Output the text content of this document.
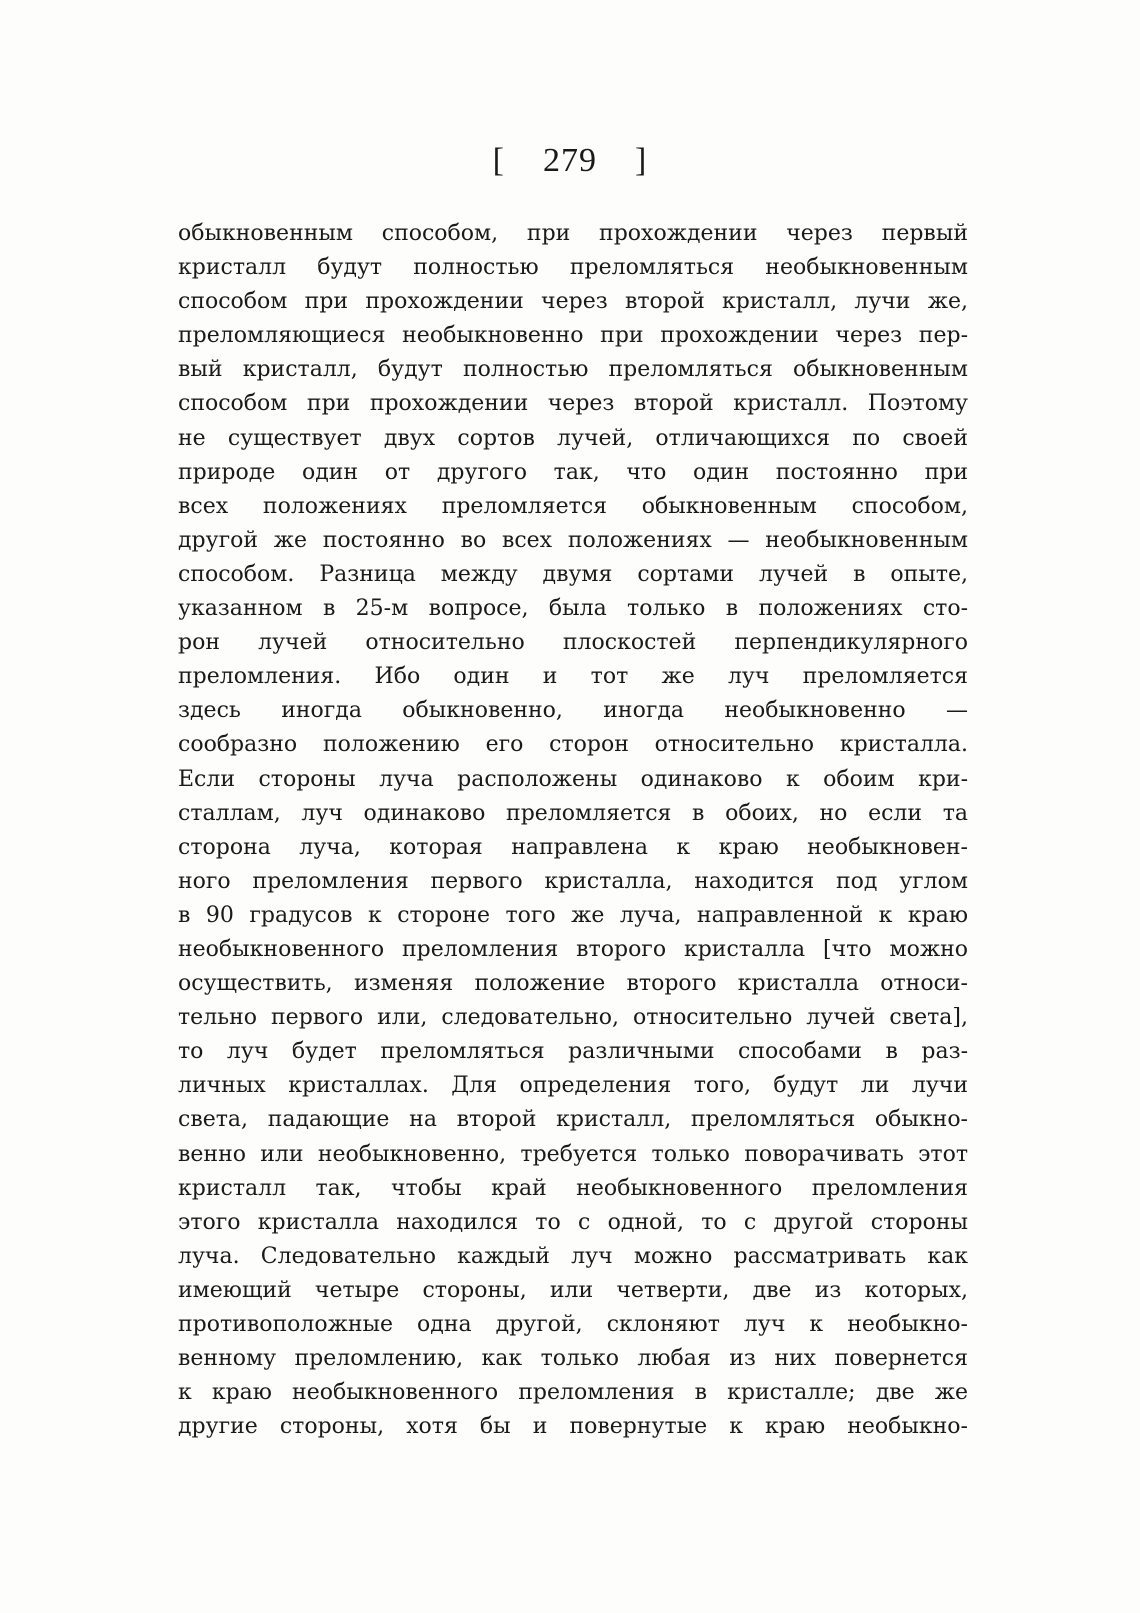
[ 279 ]
обыкновенным способом, при прохождении через первый
кристалл будут полностью преломляться необыкновенным
способом при прохождении через второй кристалл, лучи же,
преломляющиеся необыкновенно при прохождении через пер-
вый кристалл, будут полностью преломляться обыкновенным
способом при прохождении через второй кристалл. Поэтому
не существует двух сортов лучей, отличающихся по своей
природе один от другого так, что один постоянно при
всех положениях преломляется обыкновенным способом,
другой же постоянно во всех положениях — необыкновенным
способом. Разница между двумя сортами лучей в опыте,
указанном в 25-м вопросе, была только в положениях сто-
рон лучей относительно плоскостей перпендикулярного
преломления. Ибо один и тот же луч преломляется
здесь иногда обыкновенно, иногда необыкновенно —
сообразно положению его сторон относительно кристалла.
Если стороны луча расположены одинаково к обоим кри-
сталлам, луч одинаково преломляется в обоих, но если та
сторона луча, которая направлена к краю необыкновен-
ного преломления первого кристалла, находится под углом
в 90 градусов к стороне того же луча, направленной к краю
необыкновенного преломления второго кристалла [что можно
осуществить, изменяя положение второго кристалла относи-
тельно первого или, следовательно, относительно лучей света],
то луч будет преломляться различными способами в раз-
личных кристаллах. Для определения того, будут ли лучи
света, падающие на второй кристалл, преломляться обыкно-
венно или необыкновенно, требуется только поворачивать этот
кристалл так, чтобы край необыкновенного преломления
этого кристалла находился то с одной, то с другой стороны
луча. Следовательно каждый луч можно рассматривать как
имеющий четыре стороны, или четверти, две из которых,
противоположные одна другой, склоняют луч к необыкно-
венному преломлению, как только любая из них повернется
к краю необыкновенного преломления в кристалле; две же
другие стороны, хотя бы и повернутые к краю необыкно-
